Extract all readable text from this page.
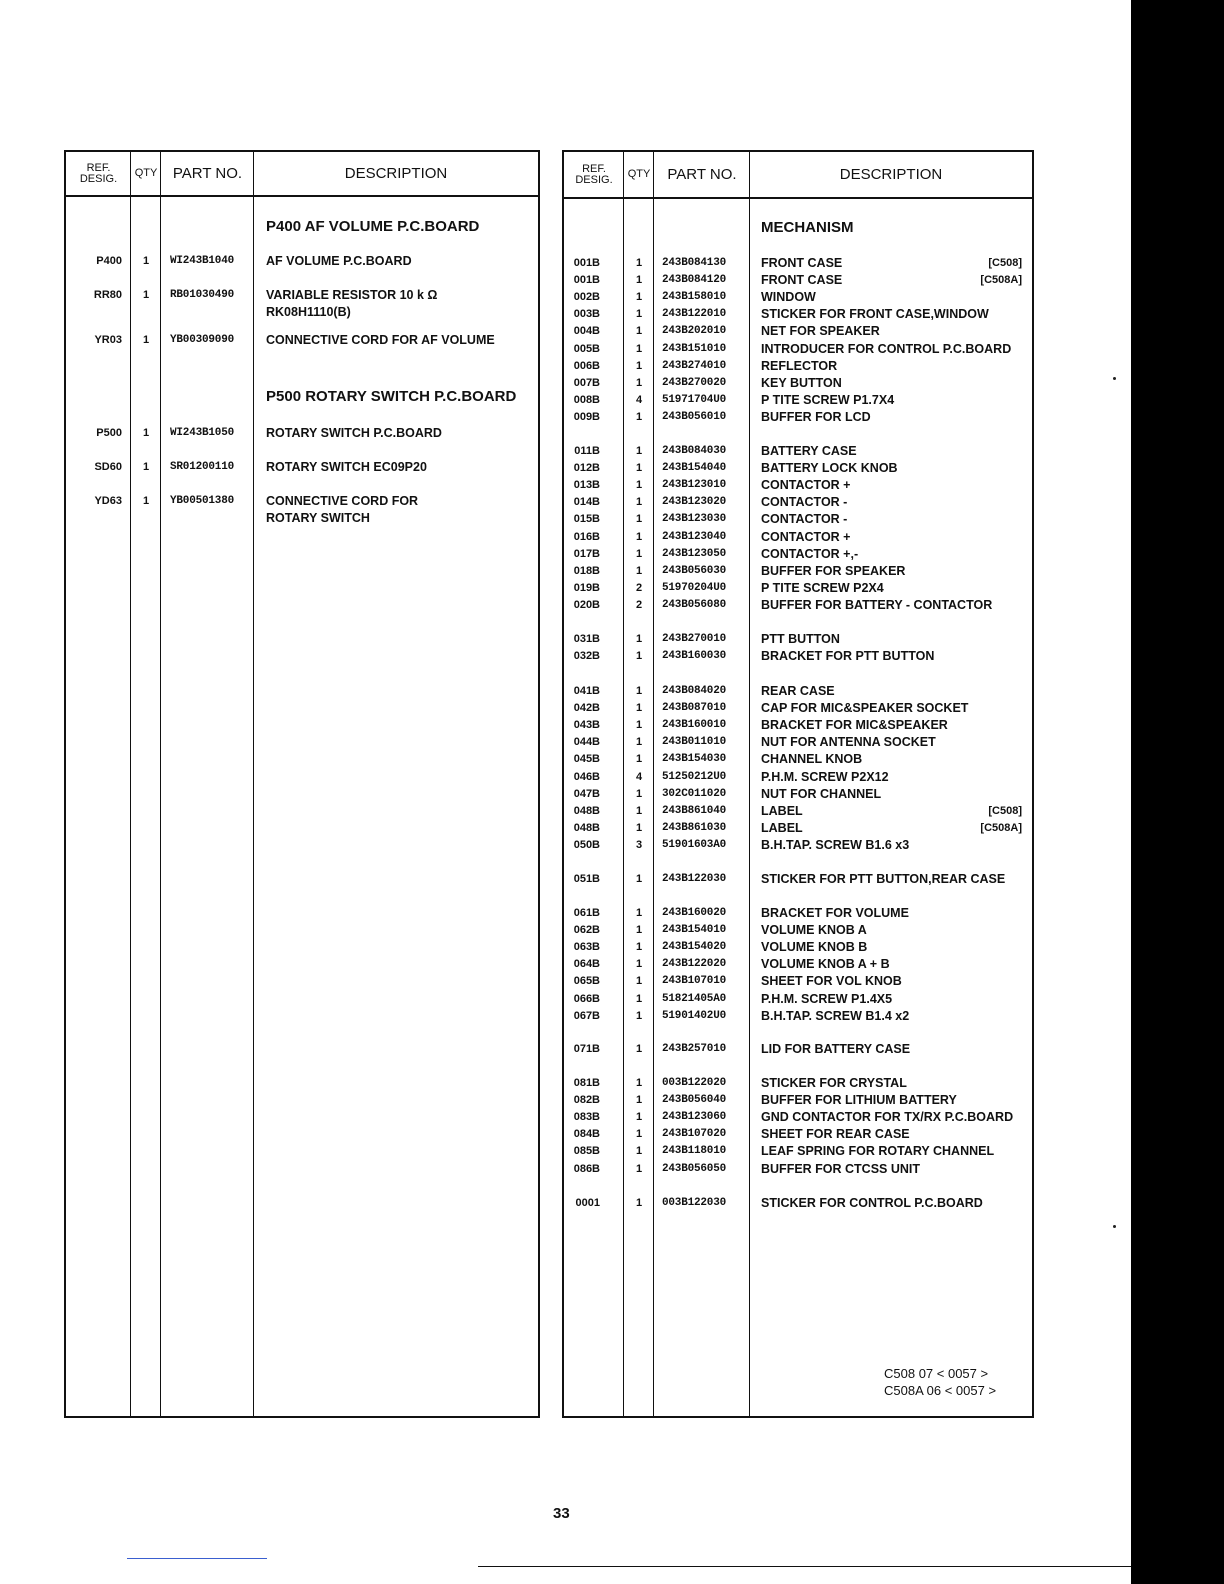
REF.
DESIG.	QTY	PART NO.	DESCRIPTION
P400 AF VOLUME P.C.BOARD
P400	1	WI243B1040	AF VOLUME P.C.BOARD
RR80	1	RB01030490	VARIABLE RESISTOR 10 k Ω
RK08H1110(B)
YR03	1	YB00309090	CONNECTIVE CORD FOR AF VOLUME
P500 ROTARY SWITCH P.C.BOARD
P500	1	WI243B1050	ROTARY SWITCH P.C.BOARD
SD60	1	SR01200110	ROTARY SWITCH EC09P20
YD63	1	YB00501380	CONNECTIVE CORD FOR
ROTARY SWITCH
REF.
DESIG.	QTY	PART NO.	DESCRIPTION
MECHANISM
001B	1	243B084130	FRONT CASE	[C508]
001B	1	243B084120	FRONT CASE	[C508A]
002B	1	243B158010	WINDOW
003B	1	243B122010	STICKER FOR FRONT CASE,WINDOW
004B	1	243B202010	NET FOR SPEAKER
005B	1	243B151010	INTRODUCER FOR CONTROL P.C.BOARD
006B	1	243B274010	REFLECTOR
007B	1	243B270020	KEY BUTTON
008B	4	51971704U0	P TITE SCREW P1.7X4
009B	1	243B056010	BUFFER FOR LCD
011B	1	243B084030	BATTERY CASE
012B	1	243B154040	BATTERY LOCK KNOB
013B	1	243B123010	CONTACTOR +
014B	1	243B123020	CONTACTOR -
015B	1	243B123030	CONTACTOR -
016B	1	243B123040	CONTACTOR +
017B	1	243B123050	CONTACTOR +,-
018B	1	243B056030	BUFFER FOR SPEAKER
019B	2	51970204U0	P TITE SCREW P2X4
020B	2	243B056080	BUFFER FOR BATTERY - CONTACTOR
031B	1	243B270010	PTT BUTTON
032B	1	243B160030	BRACKET FOR PTT BUTTON
041B	1	243B084020	REAR CASE
042B	1	243B087010	CAP FOR MIC&SPEAKER SOCKET
043B	1	243B160010	BRACKET FOR MIC&SPEAKER
044B	1	243B011010	NUT FOR ANTENNA SOCKET
045B	1	243B154030	CHANNEL KNOB
046B	4	51250212U0	P.H.M. SCREW P2X12
047B	1	302C011020	NUT FOR CHANNEL
048B	1	243B861040	LABEL	[C508]
048B	1	243B861030	LABEL	[C508A]
050B	3	51901603A0	B.H.TAP. SCREW B1.6 x3
051B	1	243B122030	STICKER FOR PTT BUTTON,REAR CASE
061B	1	243B160020	BRACKET FOR VOLUME
062B	1	243B154010	VOLUME KNOB A
063B	1	243B154020	VOLUME KNOB B
064B	1	243B122020	VOLUME KNOB A + B
065B	1	243B107010	SHEET FOR VOL KNOB
066B	1	51821405A0	P.H.M. SCREW P1.4X5
067B	1	51901402U0	B.H.TAP. SCREW B1.4 x2
071B	1	243B257010	LID FOR BATTERY CASE
081B	1	003B122020	STICKER FOR CRYSTAL
082B	1	243B056040	BUFFER FOR LITHIUM BATTERY
083B	1	243B123060	GND CONTACTOR FOR TX/RX P.C.BOARD
084B	1	243B107020	SHEET FOR REAR CASE
085B	1	243B118010	LEAF SPRING FOR ROTARY CHANNEL
086B	1	243B056050	BUFFER FOR CTCSS UNIT
0001	1	003B122030	STICKER FOR CONTROL P.C.BOARD
C508 07 < 0057 >
C508A 06 < 0057 >
33
